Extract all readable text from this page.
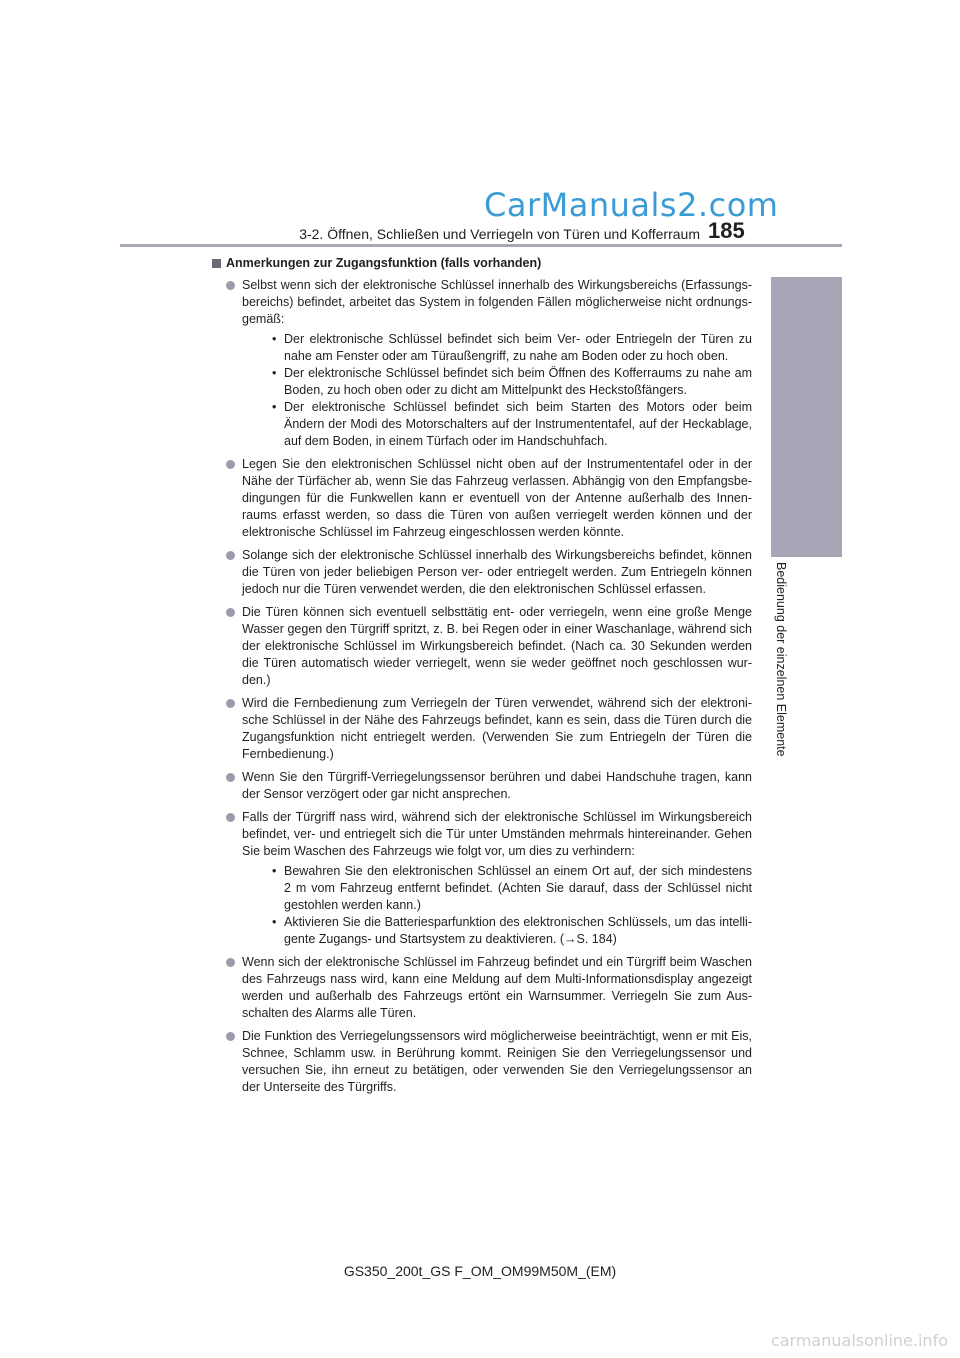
CarManuals2.com
3-2. Öffnen, Schließen und Verriegeln von Türen und Kofferraum 185
3
Bedienung der einzelnen Elemente
Anmerkungen zur Zugangsfunktion (falls vorhanden)
Selbst wenn sich der elektronische Schlüssel innerhalb des Wirkungsbereichs (Erfassungs-bereichs) befindet, arbeitet das System in folgenden Fällen möglicherweise nicht ordnungs-gemäß:
• Der elektronische Schlüssel befindet sich beim Ver- oder Entriegeln der Türen zu nahe am Fenster oder am Türaußengriff, zu nahe am Boden oder zu hoch oben.
• Der elektronische Schlüssel befindet sich beim Öffnen des Kofferraums zu nahe am Boden, zu hoch oben oder zu dicht am Mittelpunkt des Heckstoßfängers.
• Der elektronische Schlüssel befindet sich beim Starten des Motors oder beim Ändern der Modi des Motorschalters auf der Instrumententafel, auf der Heckablage, auf dem Boden, in einem Türfach oder im Handschuhfach.
Legen Sie den elektronischen Schlüssel nicht oben auf der Instrumententafel oder in der Nähe der Türfächer ab, wenn Sie das Fahrzeug verlassen. Abhängig von den Empfangsbe-dingungen für die Funkwellen kann er eventuell von der Antenne außerhalb des Innen-raums erfasst werden, so dass die Türen von außen verriegelt werden können und der elektronische Schlüssel im Fahrzeug eingeschlossen werden könnte.
Solange sich der elektronische Schlüssel innerhalb des Wirkungsbereichs befindet, können die Türen von jeder beliebigen Person ver- oder entriegelt werden. Zum Entriegeln können jedoch nur die Türen verwendet werden, die den elektronischen Schlüssel erfassen.
Die Türen können sich eventuell selbsttätig ent- oder verriegeln, wenn eine große Menge Wasser gegen den Türgriff spritzt, z. B. bei Regen oder in einer Waschanlage, während sich der elektronische Schlüssel im Wirkungsbereich befindet. (Nach ca. 30 Sekunden werden die Türen automatisch wieder verriegelt, wenn sie weder geöffnet noch geschlossen wur-den.)
Wird die Fernbedienung zum Verriegeln der Türen verwendet, während sich der elektroni-sche Schlüssel in der Nähe des Fahrzeugs befindet, kann es sein, dass die Türen durch die Zugangsfunktion nicht entriegelt werden. (Verwenden Sie zum Entriegeln der Türen die Fernbedienung.)
Wenn Sie den Türgriff-Verriegelungssensor berühren und dabei Handschuhe tragen, kann der Sensor verzögert oder gar nicht ansprechen.
Falls der Türgriff nass wird, während sich der elektronische Schlüssel im Wirkungsbereich befindet, ver- und entriegelt sich die Tür unter Umständen mehrmals hintereinander. Gehen Sie beim Waschen des Fahrzeugs wie folgt vor, um dies zu verhindern:
• Bewahren Sie den elektronischen Schlüssel an einem Ort auf, der sich mindestens 2 m vom Fahrzeug entfernt befindet. (Achten Sie darauf, dass der Schlüssel nicht gestohlen werden kann.)
• Aktivieren Sie die Batteriesparfunktion des elektronischen Schlüssels, um das intelli-gente Zugangs- und Startsystem zu deaktivieren. (→S. 184)
Wenn sich der elektronische Schlüssel im Fahrzeug befindet und ein Türgriff beim Waschen des Fahrzeugs nass wird, kann eine Meldung auf dem Multi-Informationsdisplay angezeigt werden und außerhalb des Fahrzeugs ertönt ein Warnsummer. Verriegeln Sie zum Aus-schalten des Alarms alle Türen.
Die Funktion des Verriegelungssensors wird möglicherweise beeinträchtigt, wenn er mit Eis, Schnee, Schlamm usw. in Berührung kommt. Reinigen Sie den Verriegelungssensor und versuchen Sie, ihn erneut zu betätigen, oder verwenden Sie den Verriegelungssensor an der Unterseite des Türgriffs.
GS350_200t_GS F_OM_OM99M50M_(EM)
carmanualsonline.info
